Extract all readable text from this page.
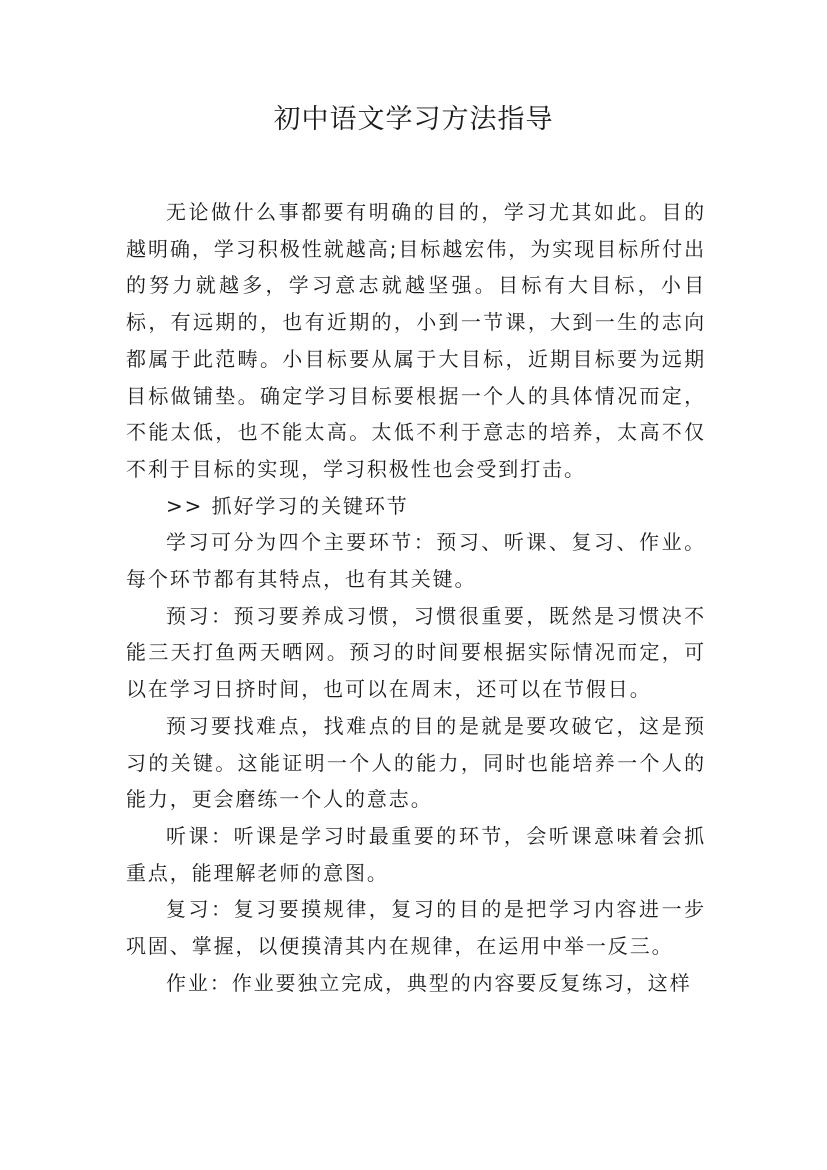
初中语文学习方法指导

无论做什么事都要有明确的目的，学习尤其如此。目的越明确，学习积极性就越高;目标越宏伟，为实现目标所付出的努力就越多，学习意志就越坚强。目标有大目标，小目标，有远期的，也有近期的，小到一节课，大到一生的志向都属于此范畴。小目标要从属于大目标，近期目标要为远期目标做铺垫。确定学习目标要根据一个人的具体情况而定，不能太低，也不能太高。太低不利于意志的培养，太高不仅不利于目标的实现，学习积极性也会受到打击。

>> 抓好学习的关键环节

学习可分为四个主要环节：预习、听课、复习、作业。每个环节都有其特点，也有其关键。

预习：预习要养成习惯，习惯很重要，既然是习惯决不能三天打鱼两天晒网。预习的时间要根据实际情况而定，可以在学习日挤时间，也可以在周末，还可以在节假日。

预习要找难点，找难点的目的是就是要攻破它，这是预习的关键。这能证明一个人的能力，同时也能培养一个人的能力，更会磨练一个人的意志。

听课：听课是学习时最重要的环节，会听课意味着会抓重点，能理解老师的意图。

复习：复习要摸规律，复习的目的是把学习内容进一步巩固、掌握，以便摸清其内在规律，在运用中举一反三。

作业：作业要独立完成，典型的内容要反复练习，这样
